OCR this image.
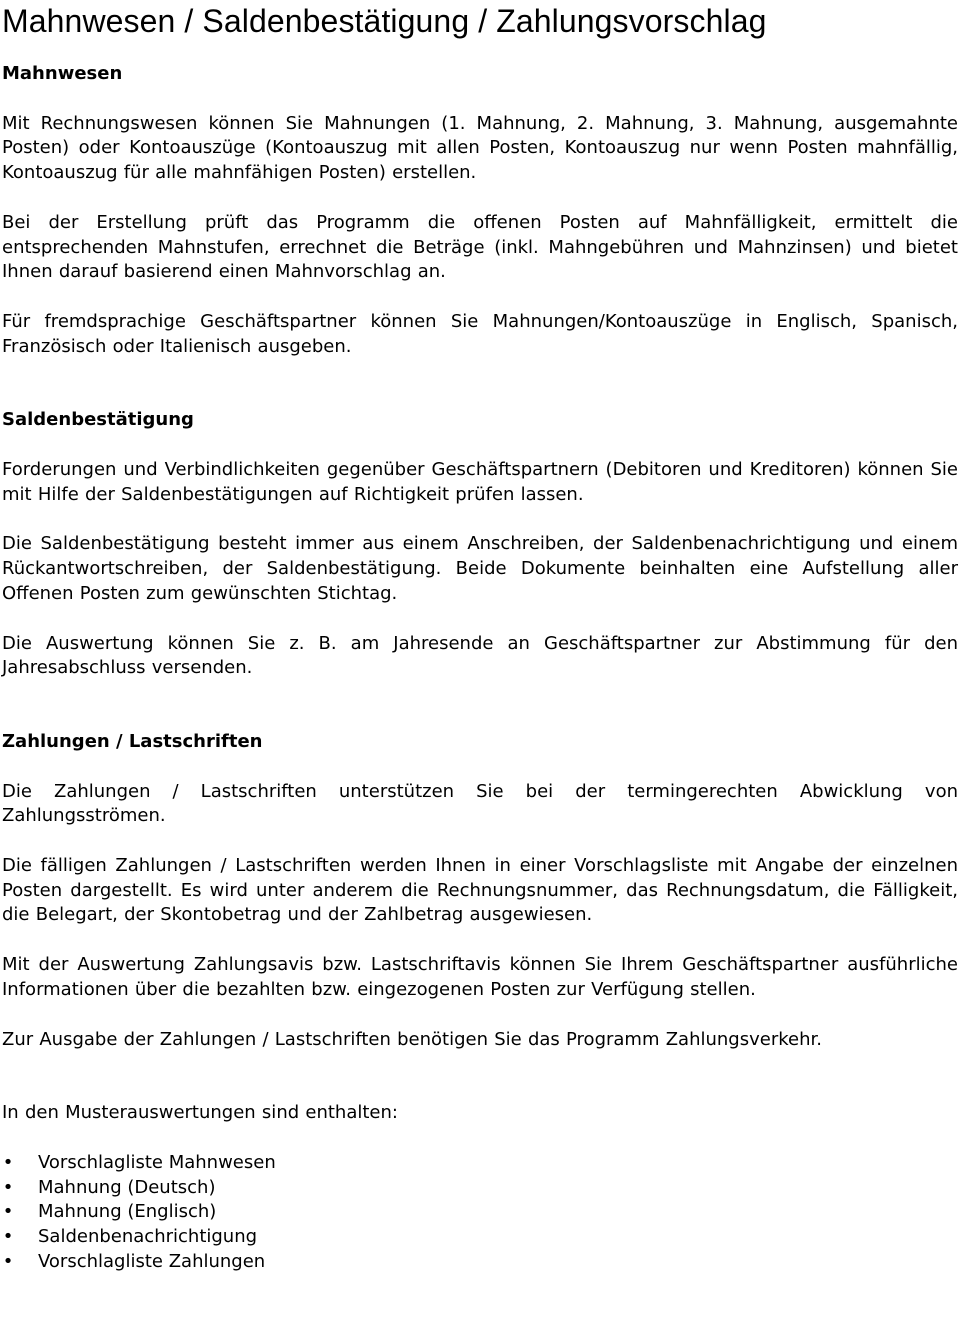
Mahnwesen / Saldenbestätigung / Zahlungsvorschlag
Mahnwesen

Mit Rechnungswesen können Sie Mahnungen (1. Mahnung, 2. Mahnung, 3. Mahnung, ausgemahnte Posten) oder Kontoauszüge (Kontoauszug mit allen Posten, Kontoauszug nur wenn Posten mahnfällig, Kontoauszug für alle mahnfähigen Posten) erstellen.

Bei der Erstellung prüft das Programm die offenen Posten auf Mahnfälligkeit, ermittelt die entsprechenden Mahnstufen, errechnet die Beträge (inkl. Mahngebühren und Mahnzinsen) und bietet Ihnen darauf basierend einen Mahnvorschlag an.

Für fremdsprachige Geschäftspartner können Sie Mahnungen/Kontoauszüge in Englisch, Spanisch, Französisch oder Italienisch ausgeben.

Saldenbestätigung

Forderungen und Verbindlichkeiten gegenüber Geschäftspartnern (Debitoren und Kreditoren) können Sie mit Hilfe der Saldenbestätigungen auf Richtigkeit prüfen lassen.

Die Saldenbestätigung besteht immer aus einem Anschreiben, der Saldenbenachrichtigung und einem Rückantwortschreiben, der Saldenbestätigung. Beide Dokumente beinhalten eine Aufstellung aller Offenen Posten zum gewünschten Stichtag.

Die Auswertung können Sie z. B. am Jahresende an Geschäftspartner zur Abstimmung für den Jahresabschluss versenden.

Zahlungen / Lastschriften

Die Zahlungen / Lastschriften unterstützen Sie bei der termingerechten Abwicklung von Zahlungsströmen.

Die fälligen Zahlungen / Lastschriften werden Ihnen in einer Vorschlagsliste mit Angabe der einzelnen Posten dargestellt. Es wird unter anderem die Rechnungsnummer, das Rechnungsdatum, die Fälligkeit, die Belegart, der Skontobetrag und der Zahlbetrag ausgewiesen.

Mit der Auswertung Zahlungsavis bzw. Lastschriftavis können Sie Ihrem Geschäftspartner ausführliche Informationen über die bezahlten bzw. eingezogenen Posten zur Verfügung stellen.

Zur Ausgabe der Zahlungen / Lastschriften benötigen Sie das Programm Zahlungsverkehr.

In den Musterauswertungen sind enthalten:

• Vorschlagliste Mahnwesen
• Mahnung (Deutsch)
• Mahnung (Englisch)
• Saldenbenachrichtigung
• Vorschlagliste Zahlungen
